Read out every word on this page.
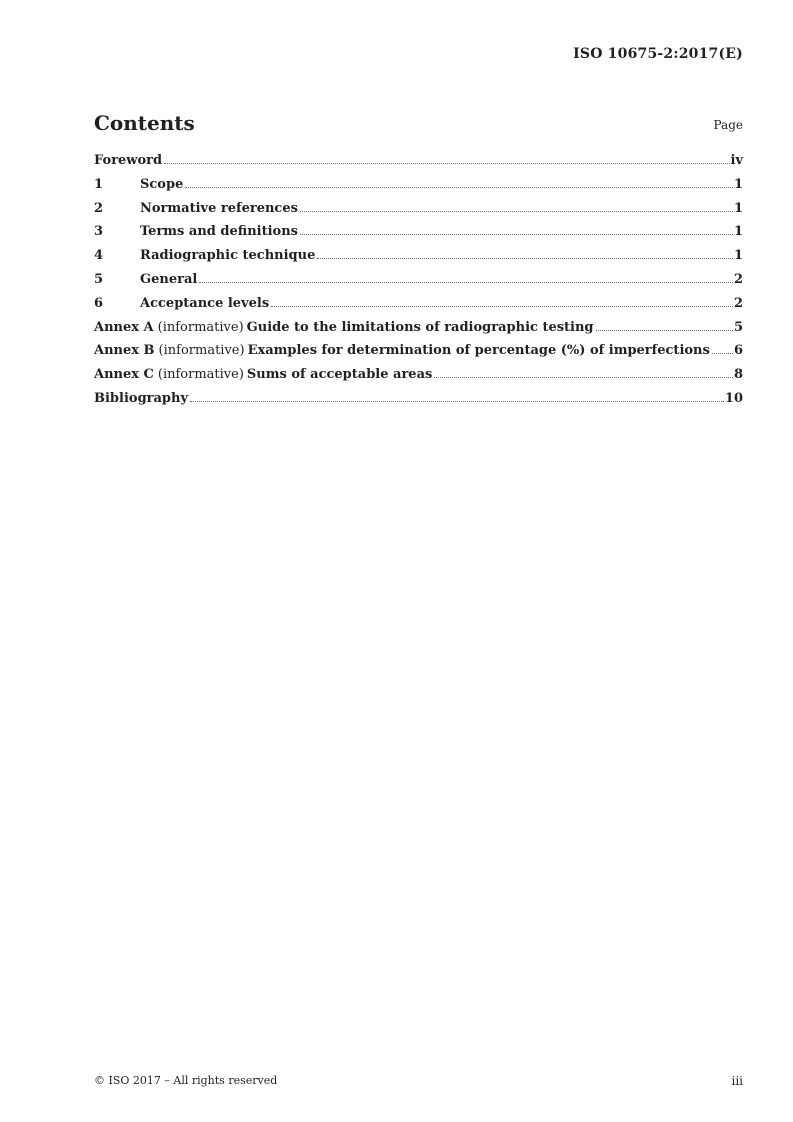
ISO 10675-2:2017(E)
Contents	Page
Foreword	iv
1	Scope	1
2	Normative references	1
3	Terms and definitions	1
4	Radiographic technique	1
5	General	2
6	Acceptance levels	2
Annex A (informative) Guide to the limitations of radiographic testing	5
Annex B (informative) Examples for determination of percentage (%) of imperfections 6
Annex C (informative) Sums of acceptable areas	8
Bibliography	10
© ISO 2017 – All rights reserved	iii
